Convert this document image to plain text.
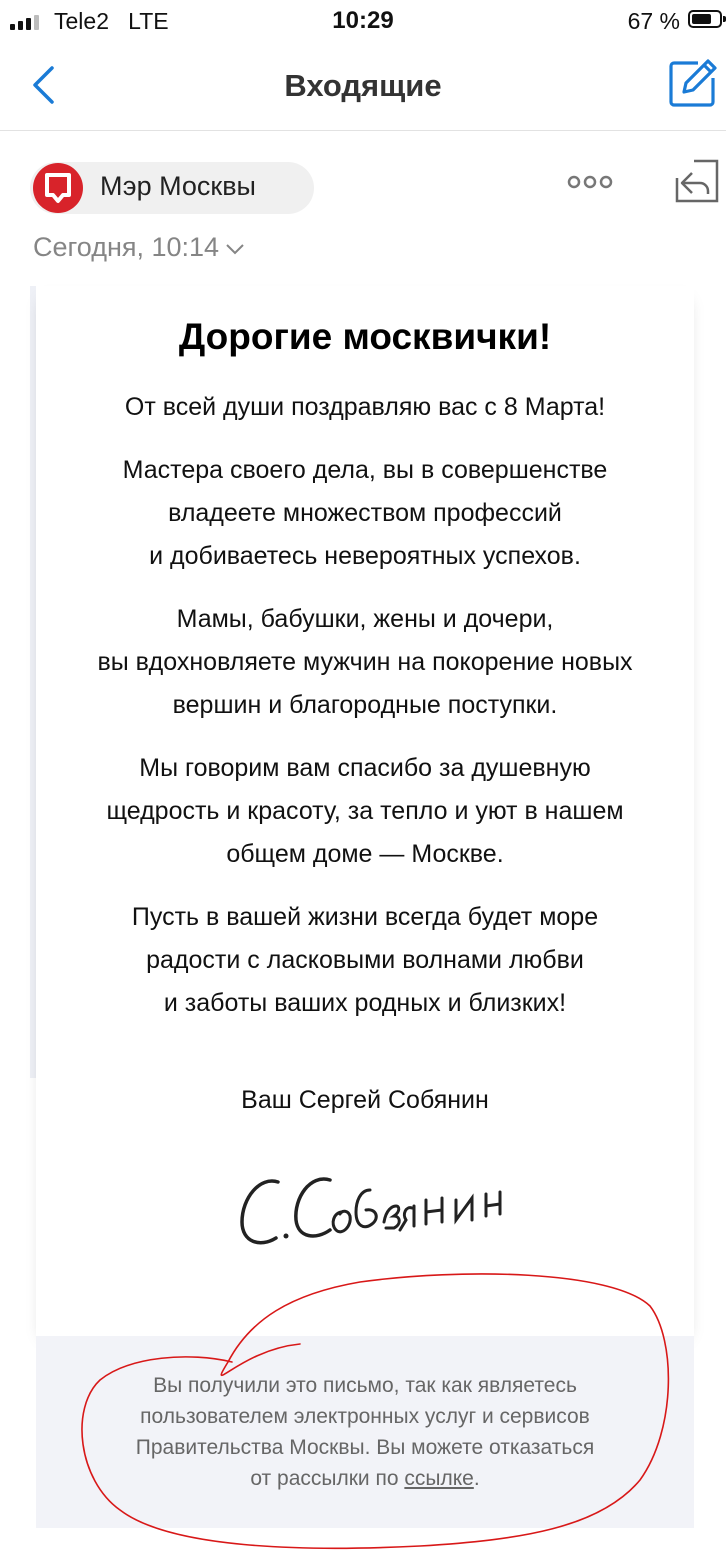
Tele2 LTE	10:29	67 %
Входящие
Мэр Москвы
Сегодня, 10:14
Дорогие москвички!
От всей души поздравляю вас с 8 Марта!
Мастера своего дела, вы в совершенстве
владеете множеством профессий
и добиваетесь невероятных успехов.
Мамы, бабушки, жены и дочери,
вы вдохновляете мужчин на покорение новых
вершин и благородные поступки.
Мы говорим вам спасибо за душевную
щедрость и красоту, за тепло и уют в нашем
общем доме — Москве.
Пусть в вашей жизни всегда будет море
радости с ласковыми волнами любви
и заботы ваших родных и близких!
Ваш Сергей Собянин
Вы получили это письмо, так как являетесь
пользователем электронных услуг и сервисов
Правительства Москвы. Вы можете отказаться
от рассылки по ссылке.
